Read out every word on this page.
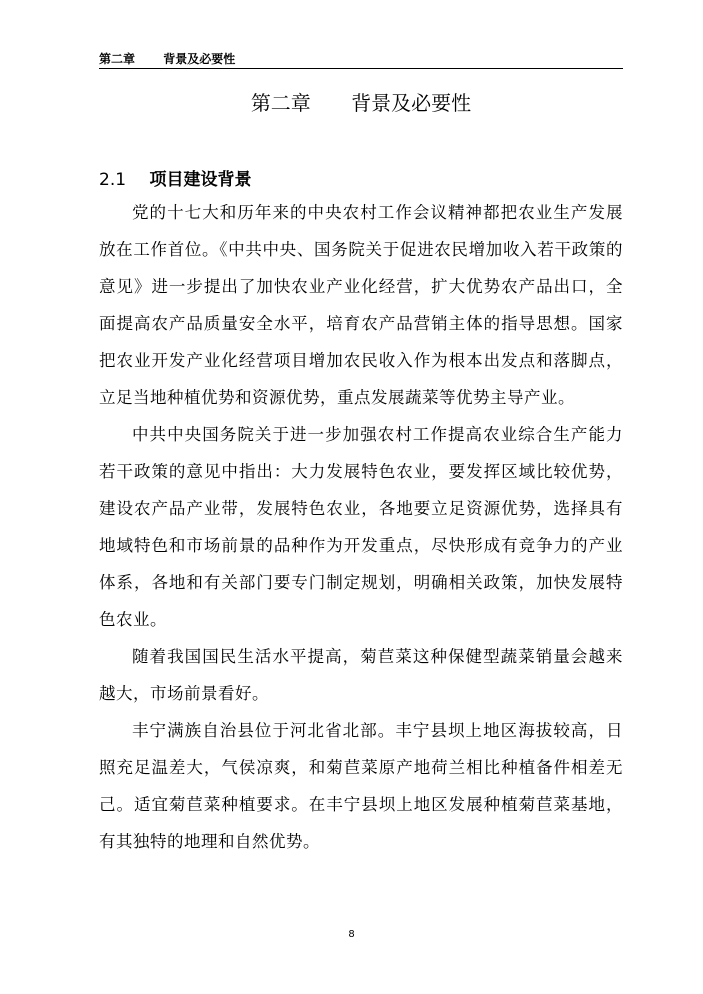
第二章 背景及必要性
第二章 背景及必要性
2.1 项目建设背景

党的十七大和历年来的中央农村工作会议精神都把农业生产发展放在工作首位。《中共中央、国务院关于促进农民增加收入若干政策的意见》进一步提出了加快农业产业化经营，扩大优势农产品出口，全面提高农产品质量安全水平，培育农产品营销主体的指导思想。国家把农业开发产业化经营项目增加农民收入作为根本出发点和落脚点，立足当地种植优势和资源优势，重点发展蔬菜等优势主导产业。

中共中央国务院关于进一步加强农村工作提高农业综合生产能力若干政策的意见中指出：大力发展特色农业，要发挥区域比较优势，建设农产品产业带，发展特色农业，各地要立足资源优势，选择具有地域特色和市场前景的品种作为开发重点，尽快形成有竞争力的产业体系，各地和有关部门要专门制定规划，明确相关政策，加快发展特色农业。

随着我国国民生活水平提高，菊苣菜这种保健型蔬菜销量会越来越大，市场前景看好。

丰宁满族自治县位于河北省北部。丰宁县坝上地区海拔较高，日照充足温差大，气侯凉爽，和菊苣菜原产地荷兰相比种植备件相差无己。适宜菊苣菜种植要求。在丰宁县坝上地区发展种植菊苣菜基地，有其独特的地理和自然优势。

8
